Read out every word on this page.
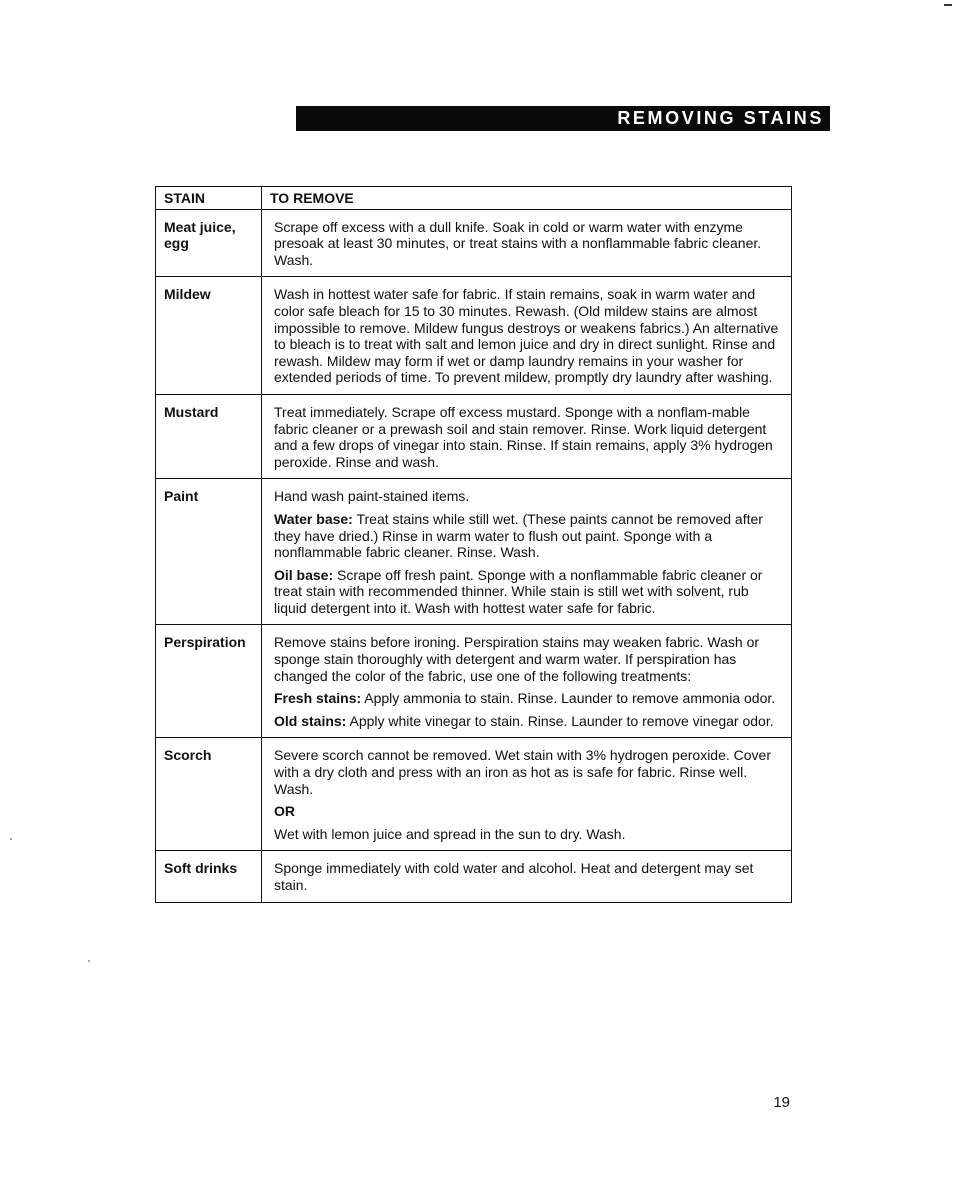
REMOVING STAINS
STAIN	TO REMOVE
Meat juice, egg	Scrape off excess with a dull knife. Soak in cold or warm water with enzyme presoak at least 30 minutes, or treat stains with a nonflammable fabric cleaner. Wash.

Mildew	Wash in hottest water safe for fabric. If stain remains, soak in warm water and color safe bleach for 15 to 30 minutes. Rewash. (Old mildew stains are almost impossible to remove. Mildew fungus destroys or weakens fabrics.) An alternative to bleach is to treat with salt and lemon juice and dry in direct sunlight. Rinse and rewash. Mildew may form if wet or damp laundry remains in your washer for extended periods of time. To prevent mildew, promptly dry laundry after washing.

Mustard	Treat immediately. Scrape off excess mustard. Sponge with a nonflam-mable fabric cleaner or a prewash soil and stain remover. Rinse. Work liquid detergent and a few drops of vinegar into stain. Rinse. If stain remains, apply 3% hydrogen peroxide. Rinse and wash.

Paint	Hand wash paint-stained items.

Water base: Treat stains while still wet. (These paints cannot be removed after they have dried.) Rinse in warm water to flush out paint. Sponge with a nonflammable fabric cleaner. Rinse. Wash.

Oil base: Scrape off fresh paint. Sponge with a nonflammable fabric cleaner or treat stain with recommended thinner. While stain is still wet with solvent, rub liquid detergent into it. Wash with hottest water safe for fabric.

Perspiration	Remove stains before ironing. Perspiration stains may weaken fabric. Wash or sponge stain thoroughly with detergent and warm water. If perspiration has changed the color of the fabric, use one of the following treatments:

Fresh stains: Apply ammonia to stain. Rinse. Launder to remove ammonia odor.

Old stains: Apply white vinegar to stain. Rinse. Launder to remove vinegar odor.

Scorch	Severe scorch cannot be removed. Wet stain with 3% hydrogen peroxide. Cover with a dry cloth and press with an iron as hot as is safe for fabric. Rinse well. Wash.

OR

Wet with lemon juice and spread in the sun to dry. Wash.

Soft drinks	Sponge immediately with cold water and alcohol. Heat and detergent may set stain.

19
